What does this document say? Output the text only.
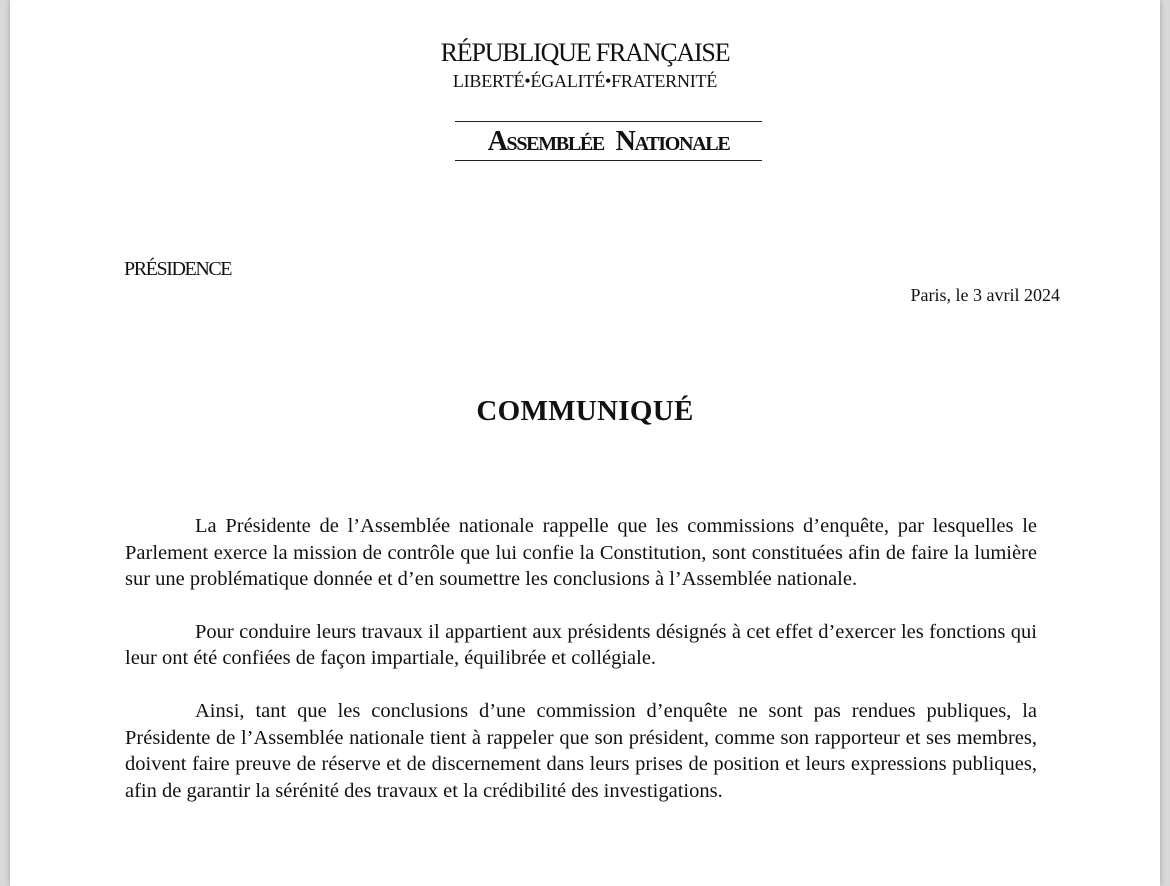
RÉPUBLIQUE FRANÇAISE
LIBERTÉ•ÉGALITÉ•FRATERNITÉ
Assemblée Nationale
PRÉSIDENCE
Paris, le 3 avril 2024
COMMUNIQUÉ

La Présidente de l’Assemblée nationale rappelle que les commissions d’enquête, par lesquelles le Parlement exerce la mission de contrôle que lui confie la Constitution, sont constituées afin de faire la lumière sur une problématique donnée et d’en soumettre les conclusions à l’Assemblée nationale.

Pour conduire leurs travaux il appartient aux présidents désignés à cet effet d’exercer les fonctions qui leur ont été confiées de façon impartiale, équilibrée et collégiale.

Ainsi, tant que les conclusions d’une commission d’enquête ne sont pas rendues publiques, la Présidente de l’Assemblée nationale tient à rappeler que son président, comme son rapporteur et ses membres, doivent faire preuve de réserve et de discernement dans leurs prises de position et leurs expressions publiques, afin de garantir la sérénité des travaux et la crédibilité des investigations.
